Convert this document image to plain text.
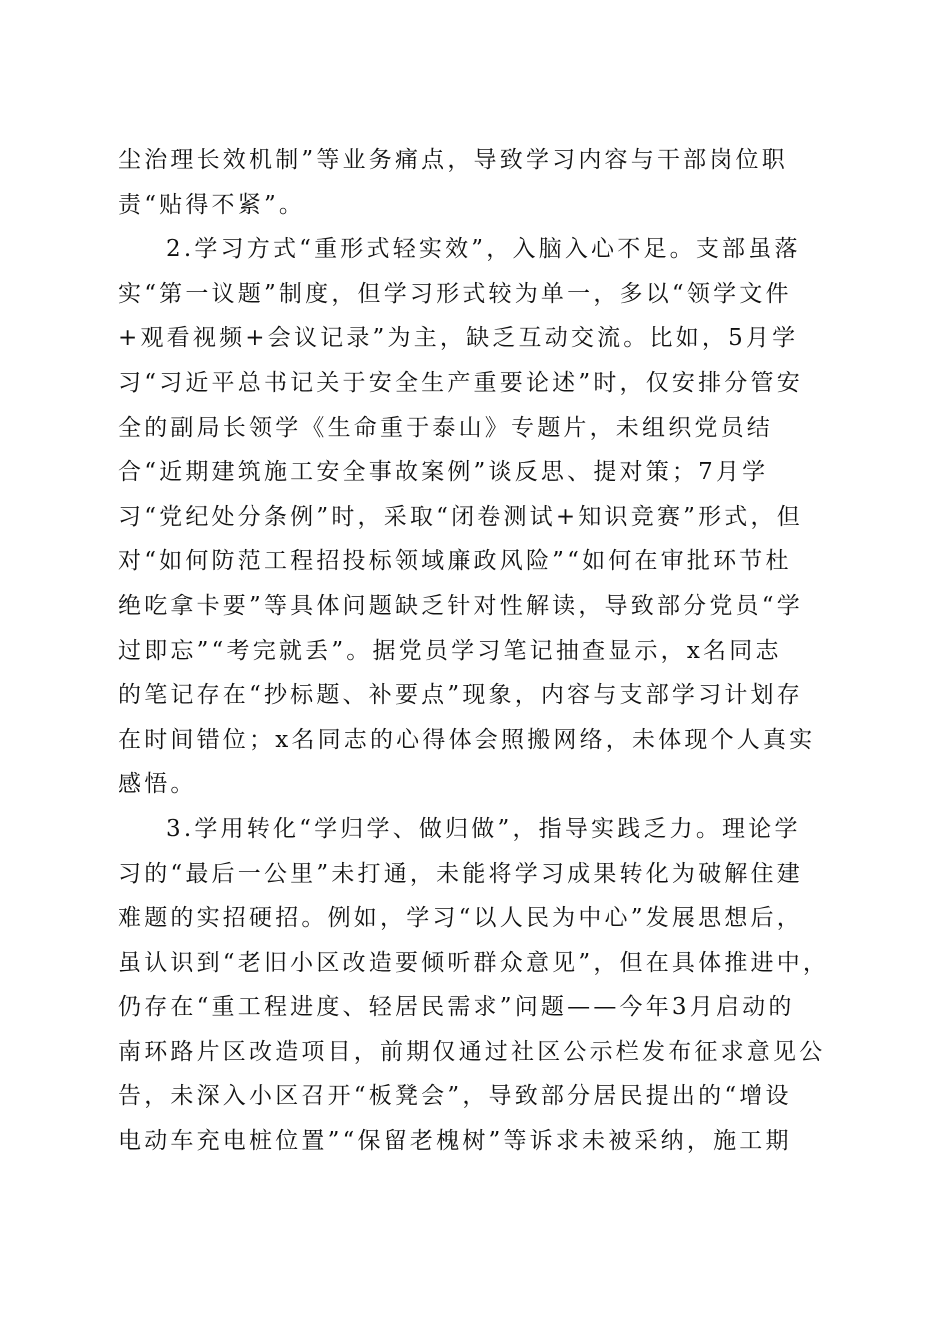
尘治理长效机制”等业务痛点，导致学习内容与干部岗位职
责“贴得不紧”。
2.学习方式“重形式轻实效”，入脑入心不足。支部虽落
实“第一议题”制度，但学习形式较为单一，多以“领学文件
+观看视频+会议记录”为主，缺乏互动交流。比如，5月学
习“习近平总书记关于安全生产重要论述”时，仅安排分管安
全的副局长领学《生命重于泰山》专题片，未组织党员结
合“近期建筑施工安全事故案例”谈反思、提对策；7月学
习“党纪处分条例”时，采取“闭卷测试+知识竞赛”形式，但
对“如何防范工程招投标领域廉政风险”“如何在审批环节杜
绝吃拿卡要”等具体问题缺乏针对性解读，导致部分党员“学
过即忘”“考完就丢”。据党员学习笔记抽查显示，x名同志
的笔记存在“抄标题、补要点”现象，内容与支部学习计划存
在时间错位；x名同志的心得体会照搬网络，未体现个人真实
感悟。
3.学用转化“学归学、做归做”，指导实践乏力。理论学
习的“最后一公里”未打通，未能将学习成果转化为破解住建
难题的实招硬招。例如，学习“以人民为中心”发展思想后，
虽认识到“老旧小区改造要倾听群众意见”，但在具体推进中，
仍存在“重工程进度、轻居民需求”问题——今年3月启动的
南环路片区改造项目，前期仅通过社区公示栏发布征求意见公
告，未深入小区召开“板凳会”，导致部分居民提出的“增设
电动车充电桩位置”“保留老槐树”等诉求未被采纳，施工期
